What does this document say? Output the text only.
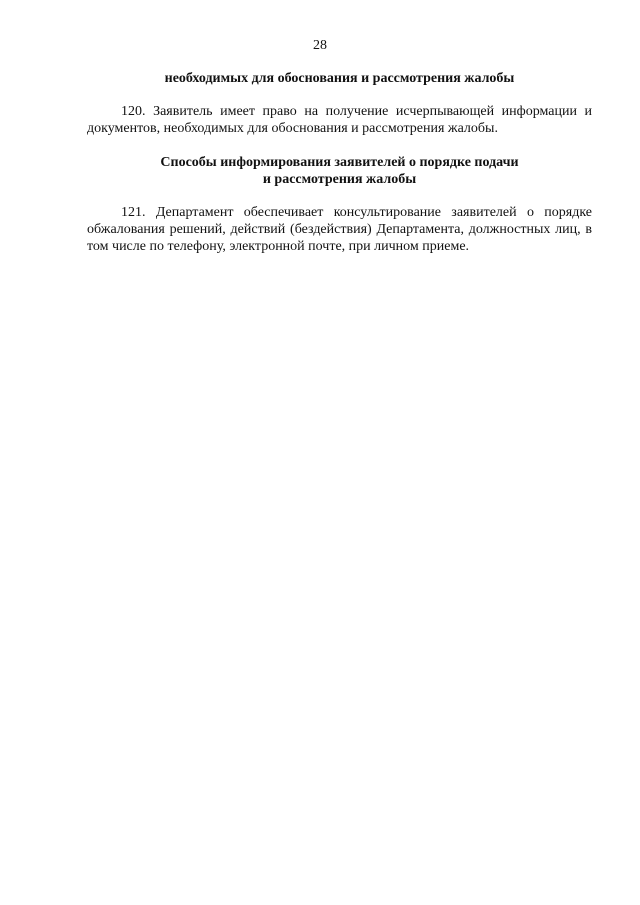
28
необходимых для обоснования и рассмотрения жалобы

120. Заявитель имеет право на получение исчерпывающей информации и документов, необходимых для обоснования и рассмотрения жалобы.

Способы информирования заявителей о порядке подачи
и рассмотрения жалобы

121. Департамент обеспечивает консультирование заявителей о порядке обжалования решений, действий (бездействия) Департамента, должностных лиц, в том числе по телефону, электронной почте, при личном приеме.
